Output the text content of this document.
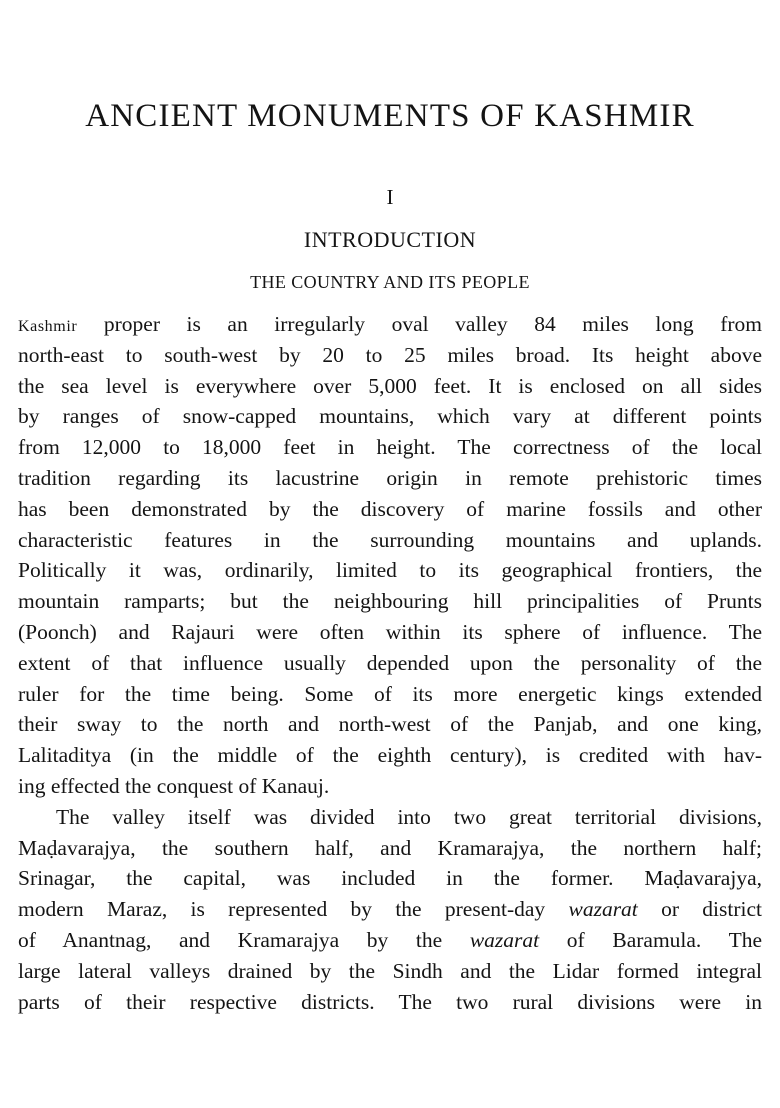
ANCIENT MONUMENTS OF KASHMIR
I
INTRODUCTION
THE COUNTRY AND ITS PEOPLE
Kashmir proper is an irregularly oval valley 84 miles long from
north-east to south-west by 20 to 25 miles broad. Its height above
the sea level is everywhere over 5,000 feet. It is enclosed on all sides
by ranges of snow-capped mountains, which vary at different points
from 12,000 to 18,000 feet in height. The correctness of the local
tradition regarding its lacustrine origin in remote prehistoric times
has been demonstrated by the discovery of marine fossils and other
characteristic features in the surrounding mountains and uplands.
Politically it was, ordinarily, limited to its geographical frontiers, the
mountain ramparts; but the neighbouring hill principalities of Prunts
(Poonch) and Rajauri were often within its sphere of influence. The
extent of that influence usually depended upon the personality of the
ruler for the time being. Some of its more energetic kings extended
their sway to the north and north-west of the Panjab, and one king,
Lalitaditya (in the middle of the eighth century), is credited with hav-
ing effected the conquest of Kanauj.
The valley itself was divided into two great territorial divisions,
Maḍavarajya, the southern half, and Kramarajya, the northern half;
Srinagar, the capital, was included in the former. Maḍavarajya,
modern Maraz, is represented by the present-day wazarat or district
of Anantnag, and Kramarajya by the wazarat of Baramula. The
large lateral valleys drained by the Sindh and the Lidar formed integral
parts of their respective districts. The two rural divisions were in
